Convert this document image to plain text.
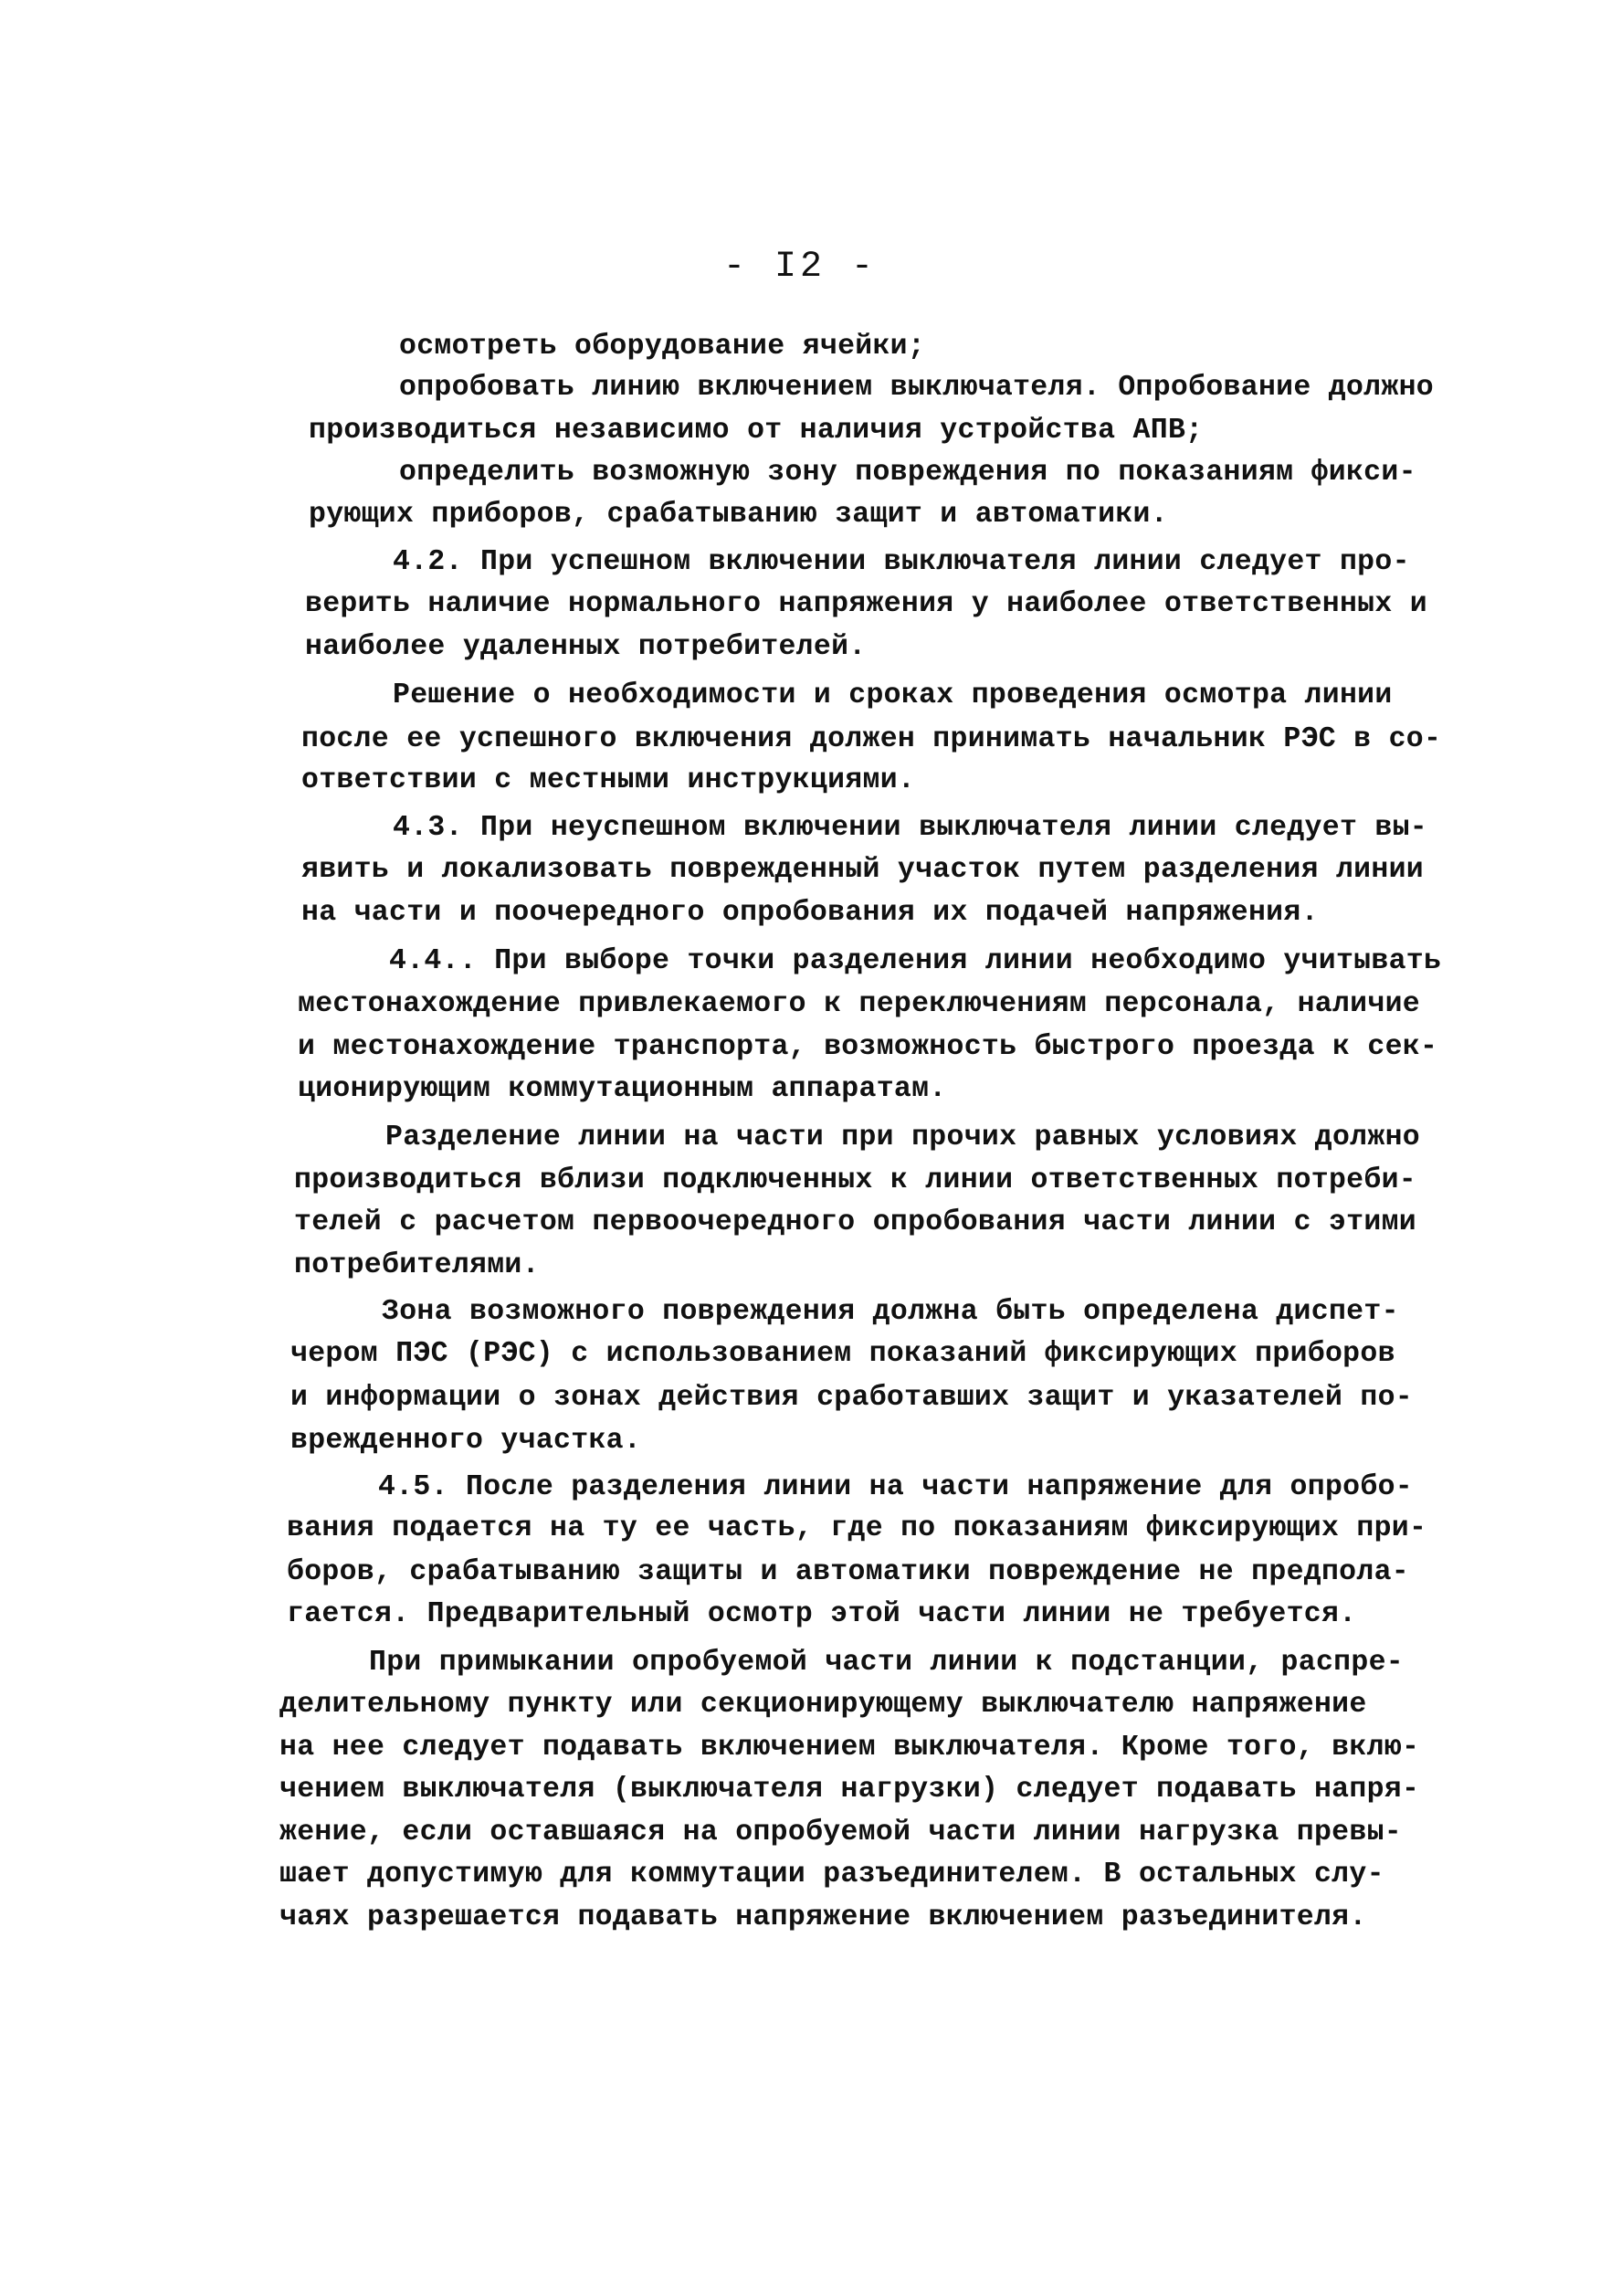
- I2 -
осмотреть оборудование ячейки;
опробовать линию включением выключателя. Опробование должно
производиться независимо от наличия устройства АПВ;
определить возможную зону повреждения по показаниям фикси-
рующих приборов, срабатыванию защит и автоматики.
4.2. При успешном включении выключателя линии следует про-
верить наличие нормального напряжения у наиболее ответственных и
наиболее удаленных потребителей.
Решение о необходимости и сроках проведения осмотра линии
после ее успешного включения должен принимать начальник РЭС в со-
ответствии с местными инструкциями.
4.3. При неуспешном включении выключателя линии следует вы-
явить и локализовать поврежденный участок путем разделения линии
на части и поочередного опробования их подачей напряжения.
4.4.. При выборе точки разделения линии необходимо учитывать
местонахождение привлекаемого к переключениям персонала, наличие
и местонахождение транспорта, возможность быстрого проезда к сек-
ционирующим коммутационным аппаратам.
Разделение линии на части при прочих равных условиях должно
производиться вблизи подключенных к линии ответственных потреби-
телей с расчетом первоочередного опробования части линии с этими
потребителями.
Зона возможного повреждения должна быть определена диспет-
чером ПЭС (РЭС) с использованием показаний фиксирующих приборов
и информации о зонах действия сработавших защит и указателей по-
врежденного участка.
4.5. После разделения линии на части напряжение для опробо-
вания подается на ту ее часть, где по показаниям фиксирующих при-
боров, срабатыванию защиты и автоматики повреждение не предпола-
гается. Предварительный осмотр этой части линии не требуется.
При примыкании опробуемой части линии к подстанции, распре-
делительному пункту или секционирующему выключателю напряжение
на нее следует подавать включением выключателя. Кроме того, вклю-
чением выключателя (выключателя нагрузки) следует подавать напря-
жение, если оставшаяся на опробуемой части линии нагрузка превы-
шает допустимую для коммутации разъединителем. В остальных слу-
чаях разрешается подавать напряжение включением разъединителя.
